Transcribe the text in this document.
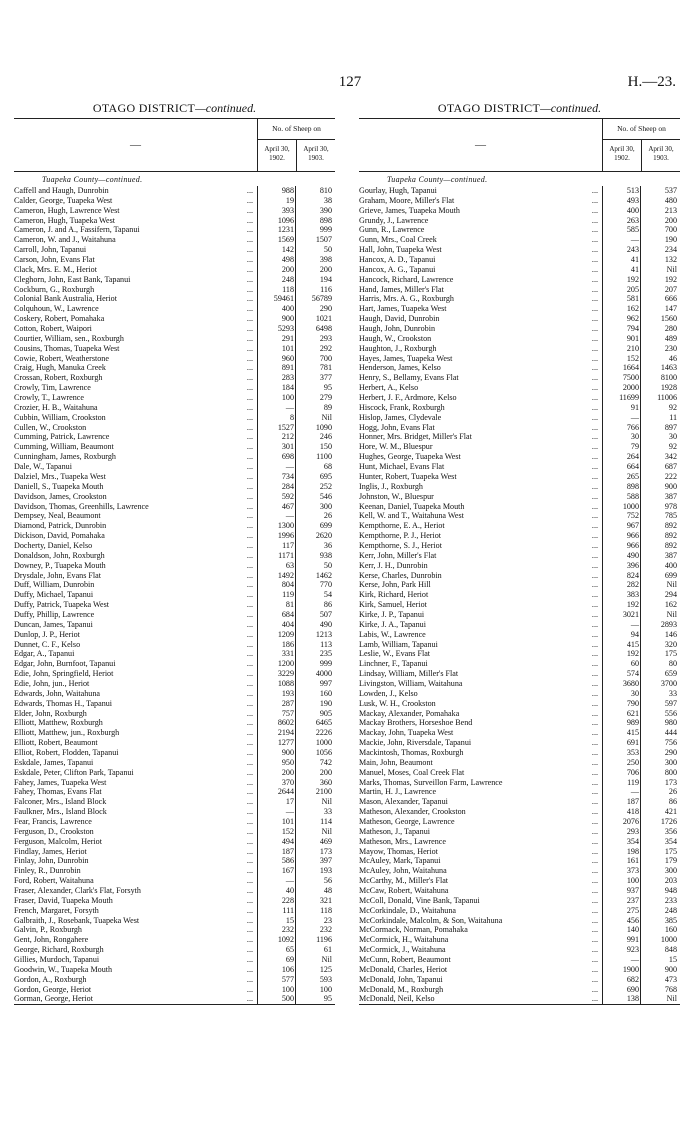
127	H.—23.
OTAGO DISTRICT—continued.
—
No. of Sheep on
April 30, 1902.
April 30, 1903.
Tuapeka County—continued.
Caffell and Haugh, Dunrobin	...	988	810
Calder, George, Tuapeka West	...	19	38
Cameron, Hugh, Lawrence West	...	393	390
Cameron, Hugh, Tuapeka West	...	1096	898
Cameron, J. and A., Fassifern, Tapanui	...	1231	999
Cameron, W. and J., Waitahuna	...	1569	1507
Carroll, John, Tapanui	...	142	50
Carson, John, Evans Flat	...	498	398
Clack, Mrs. E. M., Heriot	...	200	200
Cleghorn, John, East Bank, Tapanui	...	248	194
Cockburn, G., Roxburgh	...	118	116
Colonial Bank Australia, Heriot	...	59461	56789
Colquhoun, W., Lawrence	...	400	290
Coskery, Robert, Pomahaka	...	900	1021
Cotton, Robert, Waipori	...	5293	6498
Courtier, William, sen., Roxburgh	...	291	293
Cousins, Thomas, Tuapeka West	...	101	292
Cowie, Robert, Weatherstone	...	960	700
Craig, Hugh, Manuka Creek	...	891	781
Crossan, Robert, Roxburgh	...	283	377
Crowly, Tim, Lawrence	...	184	95
Crowly, T., Lawrence	...	100	279
Crozier, H. B., Waitahuna	...	—	89
Cubbin, William, Crookston	...	8	Nil
Cullen, W., Crookston	...	1527	1090
Cumming, Patrick, Lawrence	...	212	246
Cumming, William, Beaumont	...	301	150
Cunningham, James, Roxburgh	...	698	1100
Dale, W., Tapanui	...	—	68
Dalziel, Mrs., Tuapeka West	...	734	695
Daniell, S., Tuapeka Mouth	...	284	252
Davidson, James, Crookston	...	592	546
Davidson, Thomas, Greenhills, Lawrence	...	467	300
Dempsey, Neal, Beaumont	...	—	26
Diamond, Patrick, Dunrobin	...	1300	699
Dickison, David, Pomahaka	...	1996	2620
Docherty, Daniel, Kelso	...	117	36
Donaldson, John, Roxburgh	...	1171	938
Downey, P., Tuapeka Mouth	...	63	50
Drysdale, John, Evans Flat	...	1492	1462
Duff, William, Dunrobin	...	804	770
Duffy, Michael, Tapanui	...	119	54
Duffy, Patrick, Tuapeka West	...	81	86
Duffy, Phillip, Lawrence	...	684	507
Duncan, James, Tapanui	...	404	490
Dunlop, J. P., Heriot	...	1209	1213
Dunnet, C. F., Kelso	...	186	113
Edgar, A., Tapanui	...	331	235
Edgar, John, Burnfoot, Tapanui	...	1200	999
Edie, John, Springfield, Heriot	...	3229	4000
Edie, John, jun., Heriot	...	1088	997
Edwards, John, Waitahuna	...	193	160
Edwards, Thomas H., Tapanui	...	287	190
Elder, John, Roxburgh	...	757	905
Elliott, Matthew, Roxburgh	...	8602	6465
Elliott, Matthew, jun., Roxburgh	...	2194	2226
Elliott, Robert, Beaumont	...	1277	1000
Elliot, Robert, Flodden, Tapanui	...	900	1056
Eskdale, James, Tapanui	...	950	742
Eskdale, Peter, Clifton Park, Tapanui	...	200	200
Fahey, James, Tuapeka West	...	370	360
Fahey, Thomas, Evans Flat	...	2644	2100
Falconer, Mrs., Island Block	...	17	Nil
Faulkner, Mrs., Island Block	...	—	33
Fear, Francis, Lawrence	...	101	114
Ferguson, D., Crookston	...	152	Nil
Ferguson, Malcolm, Heriot	...	494	469
Findlay, James, Heriot	...	187	173
Finlay, John, Dunrobin	...	586	397
Finley, R., Dunrobin	...	167	193
Ford, Robert, Waitahuna	...	—	56
Fraser, Alexander, Clark's Flat, Forsyth	...	40	48
Fraser, David, Tuapeka Mouth	...	228	321
French, Margaret, Forsyth	...	111	118
Galbraith, J., Rosebank, Tuapeka West	...	15	23
Galvin, P., Roxburgh	...	232	232
Gent, John, Rongahere	...	1092	1196
George, Richard, Roxburgh	...	65	61
Gillies, Murdoch, Tapanui	...	69	Nil
Goodwin, W., Tuapeka Mouth	...	106	125
Gordon, A., Roxburgh	...	577	593
Gordon, George, Heriot	...	100	100
Gorman, George, Heriot	...	500	95
OTAGO DISTRICT—continued.
—
No. of Sheep on
April 30, 1902.
April 30, 1903.
Tuapeka County—continued.
Gourlay, Hugh, Tapanui	...	513	537
Graham, Moore, Miller's Flat	...	493	480
Grieve, James, Tuapeka Mouth	...	400	213
Grundy, J., Lawrence	...	263	200
Gunn, R., Lawrence	...	585	700
Gunn, Mrs., Coal Creek	...	—	190
Hall, John, Tuapeka West	...	243	234
Hancox, A. D., Tapanui	...	41	132
Hancox, A. G., Tapanui	...	41	Nil
Hancock, Richard, Lawrence	...	192	192
Hand, James, Miller's Flat	...	205	207
Harris, Mrs. A. G., Roxburgh	...	581	666
Hart, James, Tuapeka West	...	162	147
Haugh, David, Dunrobin	...	962	1560
Haugh, John, Dunrobin	...	794	280
Haugh, W., Crookston	...	901	489
Haughton, J., Roxburgh	...	210	230
Hayes, James, Tuapeka West	...	152	46
Henderson, James, Kelso	...	1664	1463
Henry, S., Bellamy, Evans Flat	...	7500	8100
Herbert, A., Kelso	...	2000	1928
Herbert, J. F., Ardmore, Kelso	...	11699	11006
Hiscock, Frank, Roxburgh	...	91	92
Hislop, James, Clydevale	...	—	11
Hogg, John, Evans Flat	...	766	897
Honner, Mrs. Bridget, Miller's Flat	...	30	30
Hore, W. M., Bluespur	...	79	92
Hughes, George, Tuapeka West	...	264	342
Hunt, Michael, Evans Flat	...	664	687
Hunter, Robert, Tuapeka West	...	265	222
Inglis, J., Roxburgh	...	898	900
Johnston, W., Bluespur	...	588	387
Keenan, Daniel, Tuapeka Mouth	...	1000	978
Kell, W. and T., Waitahuna West	...	752	785
Kempthorne, E. A., Heriot	...	967	892
Kempthorne, P. J., Heriot	...	966	892
Kempthorne, S. J., Heriot	...	966	892
Kerr, John, Miller's Flat	...	490	387
Kerr, J. H., Dunrobin	...	396	400
Kerse, Charles, Dunrobin	...	824	699
Kerse, John, Park Hill	...	282	Nil
Kirk, Richard, Heriot	...	383	294
Kirk, Samuel, Heriot	...	192	162
Kirke, J. P., Tapanui	...	3021	Nil
Kirke, J. A., Tapanui	...	—	2893
Labis, W., Lawrence	...	94	146
Lamb, William, Tapanui	...	415	320
Leslie, W., Evans Flat	...	192	175
Linchner, F., Tapanui	...	60	80
Lindsay, William, Miller's Flat	...	574	659
Livingston, William, Waitahuna	...	3680	3700
Lowden, J., Kelso	...	30	33
Lusk, W. H., Crookston	...	790	597
Mackay, Alexander, Pomahaka	...	621	556
Mackay Brothers, Horseshoe Bend	...	989	980
Mackay, John, Tuapeka West	...	415	444
Mackie, John, Riversdale, Tapanui	...	691	756
Mackintosh, Thomas, Roxburgh	...	353	290
Main, John, Beaumont	...	250	300
Manuel, Moses, Coal Creek Flat	...	706	800
Marks, Thomas, Surveillon Farm, Lawrence	...	119	173
Martin, H. J., Lawrence	...	—	26
Mason, Alexander, Tapanui	...	187	86
Matheson, Alexander, Crookston	...	418	421
Matheson, George, Lawrence	...	2076	1726
Matheson, J., Tapanui	...	293	356
Matheson, Mrs., Lawrence	...	354	354
Mayow, Thomas, Heriot	...	198	175
McAuley, Mark, Tapanui	...	161	179
McAuley, John, Waitahuna	...	373	300
McCarthy, M., Miller's Flat	...	100	203
McCaw, Robert, Waitahuna	...	937	948
McColl, Donald, Vine Bank, Tapanui	...	237	233
McCorkindale, D., Waitahuna	...	275	248
McCorkindale, Malcolm, & Son, Waitahuna	...	456	385
McCormack, Norman, Pomahaka	...	140	160
McCormick, H., Waitahuna	...	991	1000
McCormick, J., Waitahuna	...	923	848
McCunn, Robert, Beaumont	...	—	15
McDonald, Charles, Heriot	...	1900	900
McDonald, John, Tapanui	...	682	473
McDonald, M., Roxburgh	...	690	768
McDonald, Neil, Kelso	...	138	Nil
